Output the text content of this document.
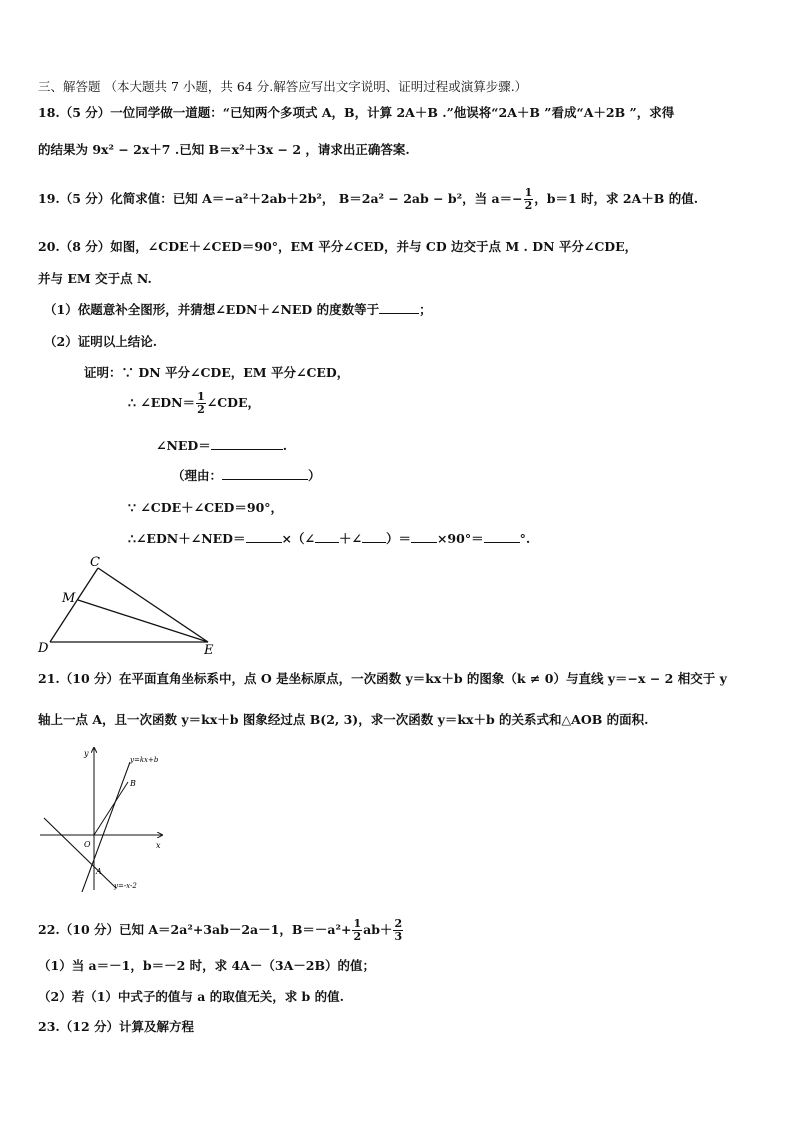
三、解答题 （本大题共 7 小题，共 64 分.解答应写出文字说明、证明过程或演算步骤.）
18.（5 分）一位同学做一道题：“已知两个多项式 A，B，计算 2A＋B .”他误将“2A＋B ”看成“A＋2B ”，求得
的结果为 9x² − 2x＋7 .已知 B＝x²＋3x − 2 ，请求出正确答案.
19.（5 分）化简求值：已知 A＝−a²＋2ab＋2b²， B＝2a² − 2ab − b²，当 $a=- \frac{1}{2}$ ，b＝1 时，求 2A＋B 的值.
20.（8 分）如图，∠CDE＋∠CED＝90°，EM 平分∠CED，并与 CD 边交于点 M . DN 平分∠CDE，
并与 EM 交于点 N.
（1）依题意补全图形，并猜想∠EDN＋∠NED 的度数等于	；
（2）证明以上结论.
证明：∵ DN 平分∠CDE，EM 平分∠CED，
∴ ∠EDN＝ $\frac{1}{2}$ ∠CDE，
∠NED＝	.
（理由：	）
∵ ∠CDE＋∠CED＝90°，
∴∠EDN＋∠NED＝	×（∠ ＋∠ ）＝ ×90°＝	°.
C
M
D	E
21.（10 分）在平面直角坐标系中，点 O 是坐标原点，一次函数 y＝kx＋b 的图象（k ≠ 0）与直线 y＝−x − 2 相交于 y
轴上一点 A，且一次函数 y＝kx＋b 图象经过点 B(2, 3)，求一次函数 y＝kx＋b 的关系式和△AOB 的面积.
y
x
O
A
B
y=kx+b
y=-x-2
22.（10 分）已知 A＝2a²+3ab－2a－1，$B=-a^2+ \frac{1}{2} ab+ \frac{2}{3}$
（1）当 a＝－1，b＝－2 时，求 4A－（3A－2B）的值；
（2）若（1）中式子的值与 a 的取值无关，求 b 的值.
23.（12 分）计算及解方程
